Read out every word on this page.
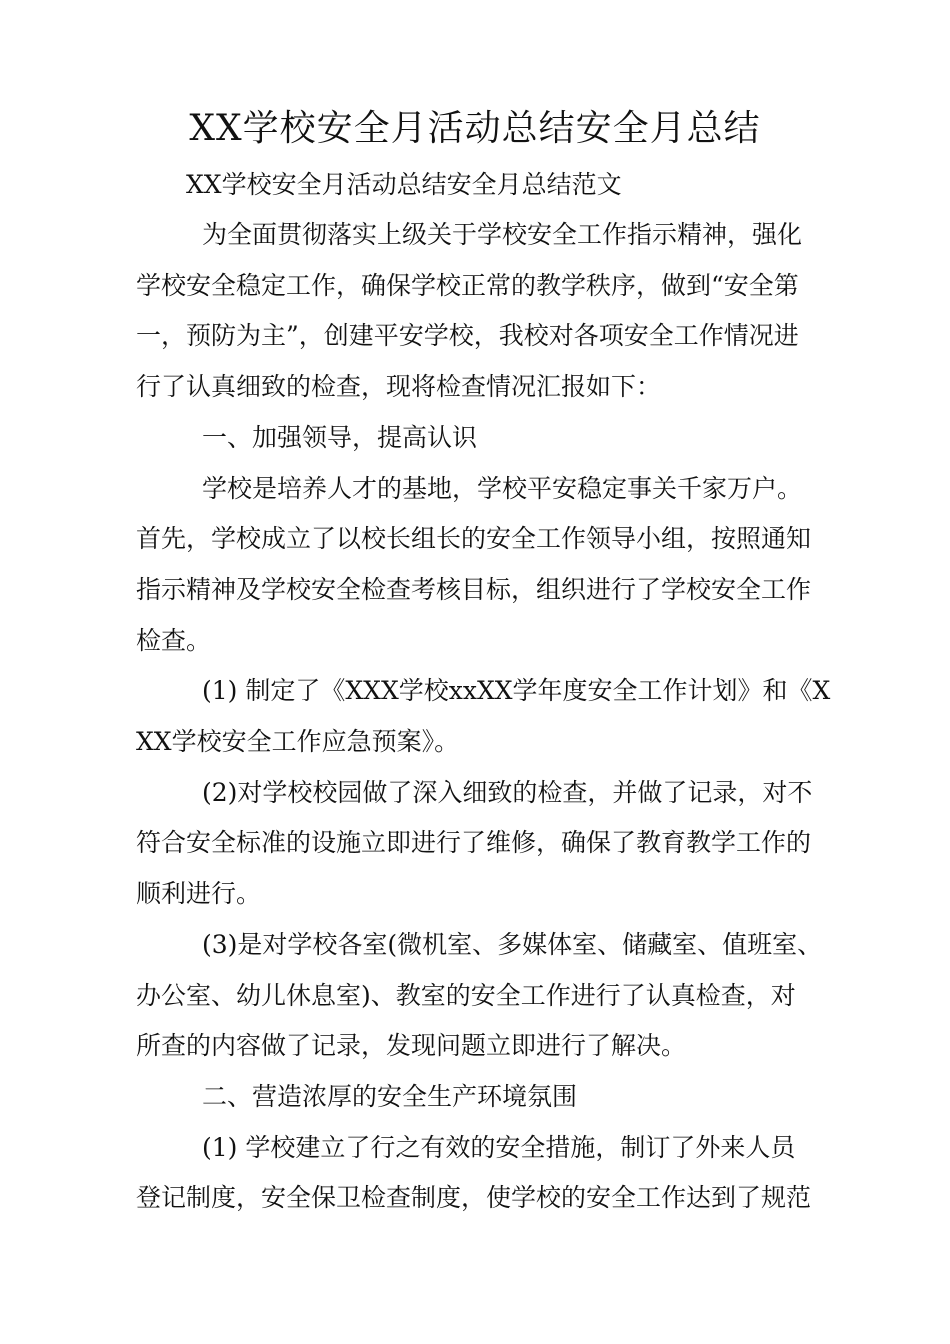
XX学校安全月活动总结安全月总结

XX学校安全月活动总结安全月总结范文

为全面贯彻落实上级关于学校安全工作指示精神，强化
学校安全稳定工作，确保学校正常的教学秩序，做到“安全第
一，预防为主”，创建平安学校，我校对各项安全工作情况进
行了认真细致的检查，现将检查情况汇报如下：

一、加强领导，提高认识

学校是培养人才的基地，学校平安稳定事关千家万户。
首先，学校成立了以校长组长的安全工作领导小组，按照通知
指示精神及学校安全检查考核目标，组织进行了学校安全工作
检查。

(1) 制定了《XXX学校xxXX学年度安全工作计划》和《X
XX学校安全工作应急预案》。

(2)对学校校园做了深入细致的检查，并做了记录，对不
符合安全标准的设施立即进行了维修，确保了教育教学工作的
顺利进行。

(3)是对学校各室(微机室、多媒体室、储藏室、值班室、
办公室、幼儿休息室)、教室的安全工作进行了认真检查，对
所查的内容做了记录，发现问题立即进行了解决。

二、营造浓厚的安全生产环境氛围

(1) 学校建立了行之有效的安全措施，制订了外来人员
登记制度，安全保卫检查制度，使学校的安全工作达到了规范
